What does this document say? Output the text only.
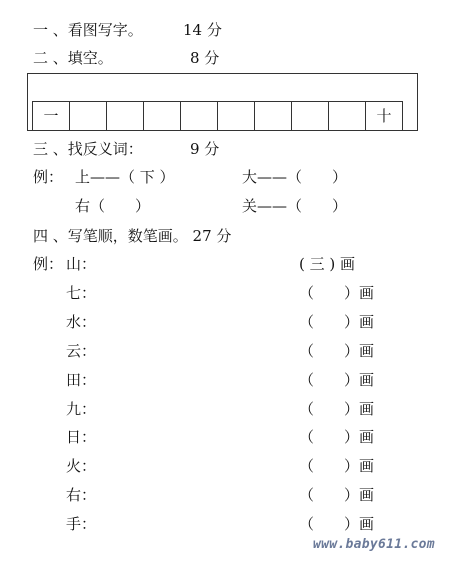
一 、看图写字。	14 分
二 、填空。	8 分
一	十
三 、找反义词：	9 分
例： 上——（ 下 ）	大——（　　）
右（　　）	关——（　　）
四 、写笔顺，数笔画。 27 分
例： 山：	( 三 ) 画
七：	（　　）画
水：	（　　）画
云：	（　　）画
田：	（　　）画
九：	（　　）画
日：	（　　）画
火：	（　　）画
右：	（　　）画
手：	（　　）画
www.baby611.com
